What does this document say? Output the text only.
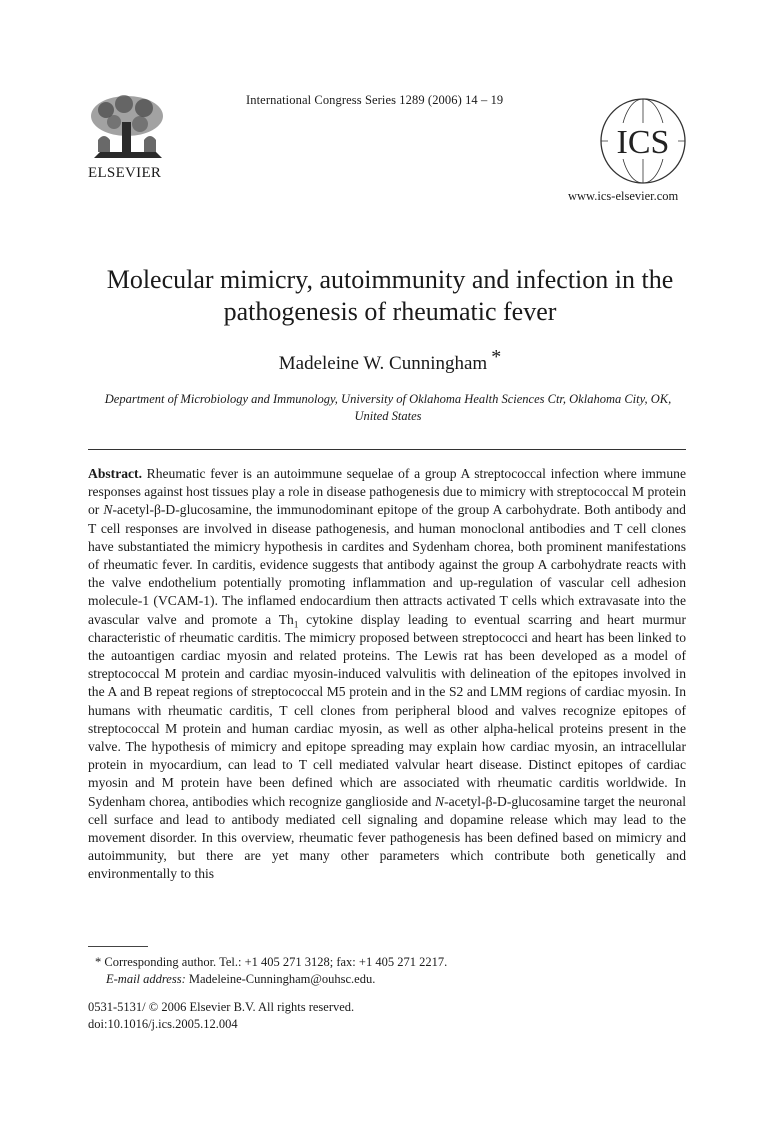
ELSEVIER
International Congress Series 1289 (2006) 14 – 19
ICS
www.ics-elsevier.com
Molecular mimicry, autoimmunity and infection in the pathogenesis of rheumatic fever
Madeleine W. Cunningham *
Department of Microbiology and Immunology, University of Oklahoma Health Sciences Ctr, Oklahoma City, OK, United States
Abstract. Rheumatic fever is an autoimmune sequelae of a group A streptococcal infection where immune responses against host tissues play a role in disease pathogenesis due to mimicry with streptococcal M protein or N-acetyl-β-D-glucosamine, the immunodominant epitope of the group A carbohydrate. Both antibody and T cell responses are involved in disease pathogenesis, and human monoclonal antibodies and T cell clones have substantiated the mimicry hypothesis in cardites and Sydenham chorea, both prominent manifestations of rheumatic fever. In carditis, evidence suggests that antibody against the group A carbohydrate reacts with the valve endothelium potentially promoting inflammation and up-regulation of vascular cell adhesion molecule-1 (VCAM-1). The inflamed endocardium then attracts activated T cells which extravasate into the avascular valve and promote a $Th_1$ cytokine display leading to eventual scarring and heart murmur characteristic of rheumatic carditis. The mimicry proposed between streptococci and heart has been linked to the autoantigen cardiac myosin and related proteins. The Lewis rat has been developed as a model of streptococcal M protein and cardiac myosin-induced valvulitis with delineation of the epitopes involved in the A and B repeat regions of streptococcal M5 protein and in the S2 and LMM regions of cardiac myosin. In humans with rheumatic carditis, T cell clones from peripheral blood and valves recognize epitopes of streptococcal M protein and human cardiac myosin, as well as other alpha-helical proteins present in the valve. The hypothesis of mimicry and epitope spreading may explain how cardiac myosin, an intracellular protein in myocardium, can lead to T cell mediated valvular heart disease. Distinct epitopes of cardiac myosin and M protein have been defined which are associated with rheumatic carditis worldwide. In Sydenham chorea, antibodies which recognize ganglioside and N-acetyl-β-D-glucosamine target the neuronal cell surface and lead to antibody mediated cell signaling and dopamine release which may lead to the movement disorder. In this overview, rheumatic fever pathogenesis has been defined based on mimicry and autoimmunity, but there are yet many other parameters which contribute both genetically and environmentally to this
* Corresponding author. Tel.: +1 405 271 3128; fax: +1 405 271 2217.
E-mail address: Madeleine-Cunningham@ouhsc.edu.
0531-5131/ © 2006 Elsevier B.V. All rights reserved.
doi:10.1016/j.ics.2005.12.004
